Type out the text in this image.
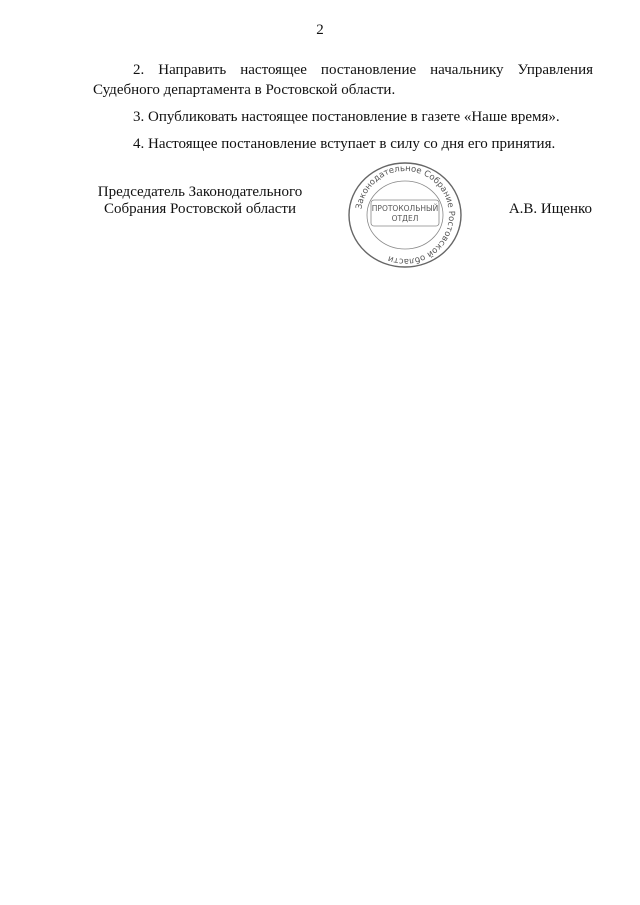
2

2. Направить настоящее постановление начальнику Управления Судебного департамента в Ростовской области.

3. Опубликовать настоящее постановление в газете «Наше время».

4. Настоящее постановление вступает в силу со дня его принятия.

Председатель Законодательного
Собрания Ростовской области	А.В. Ищенко
Законодательное Собрание Ростовской области
ПРОТОКОЛЬНЫЙ
ОТДЕЛ
